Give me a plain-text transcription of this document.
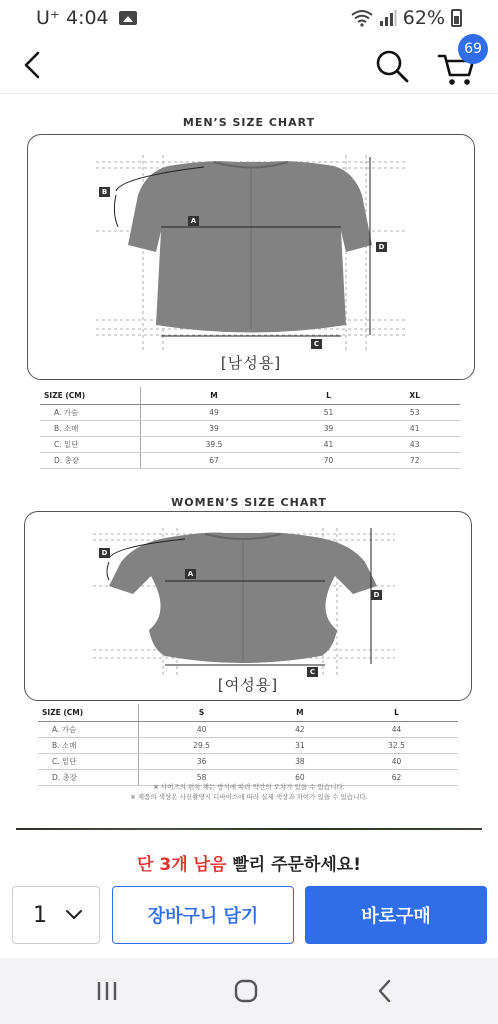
U⁺ 4:04	62%
69
MEN’S SIZE CHART
B
A
D
C
[남성용]
SIZE (CM)	M	L	XL
A. 가슴	49	51	53
B. 소매	39	39	41
C. 밑단	39.5	41	43
D. 총장	67	70	72
WOMEN’S SIZE CHART
D
A
D
C
[여성용]
SIZE (CM)	S	M	L
A. 가슴	40	42	44
B. 소매	29.5	31	32.5
C. 밑단	36	38	40
D. 총장	58	60	62
※ 사이즈의 편차 재는 방식에 따라 약간의 오차가 있을 수 있습니다.
※ 제품의 색상은 사진촬영시 디바이스에 따라 실제 색상과 차이가 있을 수 있습니다.
단 3개 남음 빨리 주문하세요!
1	장바구니 담기	바로구매
